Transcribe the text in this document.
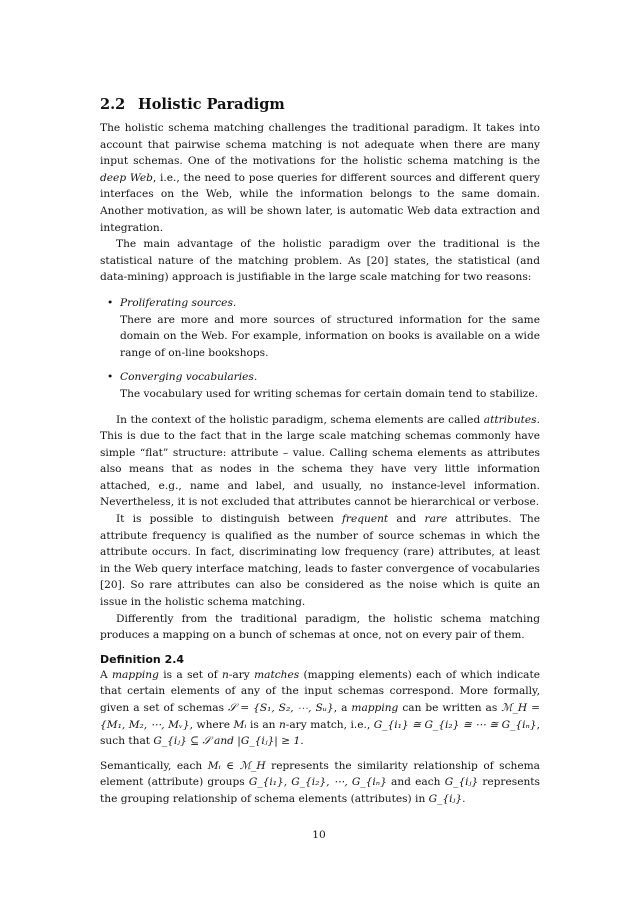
2.2 Holistic Paradigm

The holistic schema matching challenges the traditional paradigm. It takes into account that pairwise schema matching is not adequate when there are many input schemas. One of the motivations for the holistic schema matching is the deep Web, i.e., the need to pose queries for different sources and different query interfaces on the Web, while the information belongs to the same domain. Another motivation, as will be shown later, is automatic Web data extraction and integration.

The main advantage of the holistic paradigm over the traditional is the statistical nature of the matching problem. As [20] states, the statistical (and data-mining) approach is justifiable in the large scale matching for two reasons:

• Proliferating sources.
There are more and more sources of structured information for the same domain on the Web. For example, information on books is available on a wide range of on-line bookshops.
• Converging vocabularies.
The vocabulary used for writing schemas for certain domain tend to stabilize.

In the context of the holistic paradigm, schema elements are called attributes. This is due to the fact that in the large scale matching schemas commonly have simple “flat” structure: attribute – value. Calling schema elements as attributes also means that as nodes in the schema they have very little information attached, e.g., name and label, and usually, no instance-level information. Nevertheless, it is not excluded that attributes cannot be hierarchical or verbose.

It is possible to distinguish between frequent and rare attributes. The attribute frequency is qualified as the number of source schemas in which the attribute occurs. In fact, discriminating low frequency (rare) attributes, at least in the Web query interface matching, leads to faster convergence of vocabularies [20]. So rare attributes can also be considered as the noise which is quite an issue in the holistic schema matching.

Differently from the traditional paradigm, the holistic schema matching produces a mapping on a bunch of schemas at once, not on every pair of them.

Definition 2.4

A mapping is a set of n-ary matches (mapping elements) each of which indicate that certain elements of any of the input schemas correspond. More formally, given a set of schemas 𝒮 = {S₁, S₂, ⋯, Sᵤ}, a mapping can be written as ℳ_H = {M₁, M₂, ⋯, Mᵥ}, where Mᵢ is an n-ary match, i.e., G_{i₁} ≅ G_{i₂} ≅ ⋯ ≅ G_{iₙ}, such that G_{iⱼ} ⊆ 𝒮 and |G_{iⱼ}| ≥ 1.

Semantically, each Mᵢ ∈ ℳ_H represents the similarity relationship of schema element (attribute) groups G_{i₁}, G_{i₂}, ⋯, G_{iₙ} and each G_{iⱼ} represents the grouping relationship of schema elements (attributes) in G_{iⱼ}.

10
